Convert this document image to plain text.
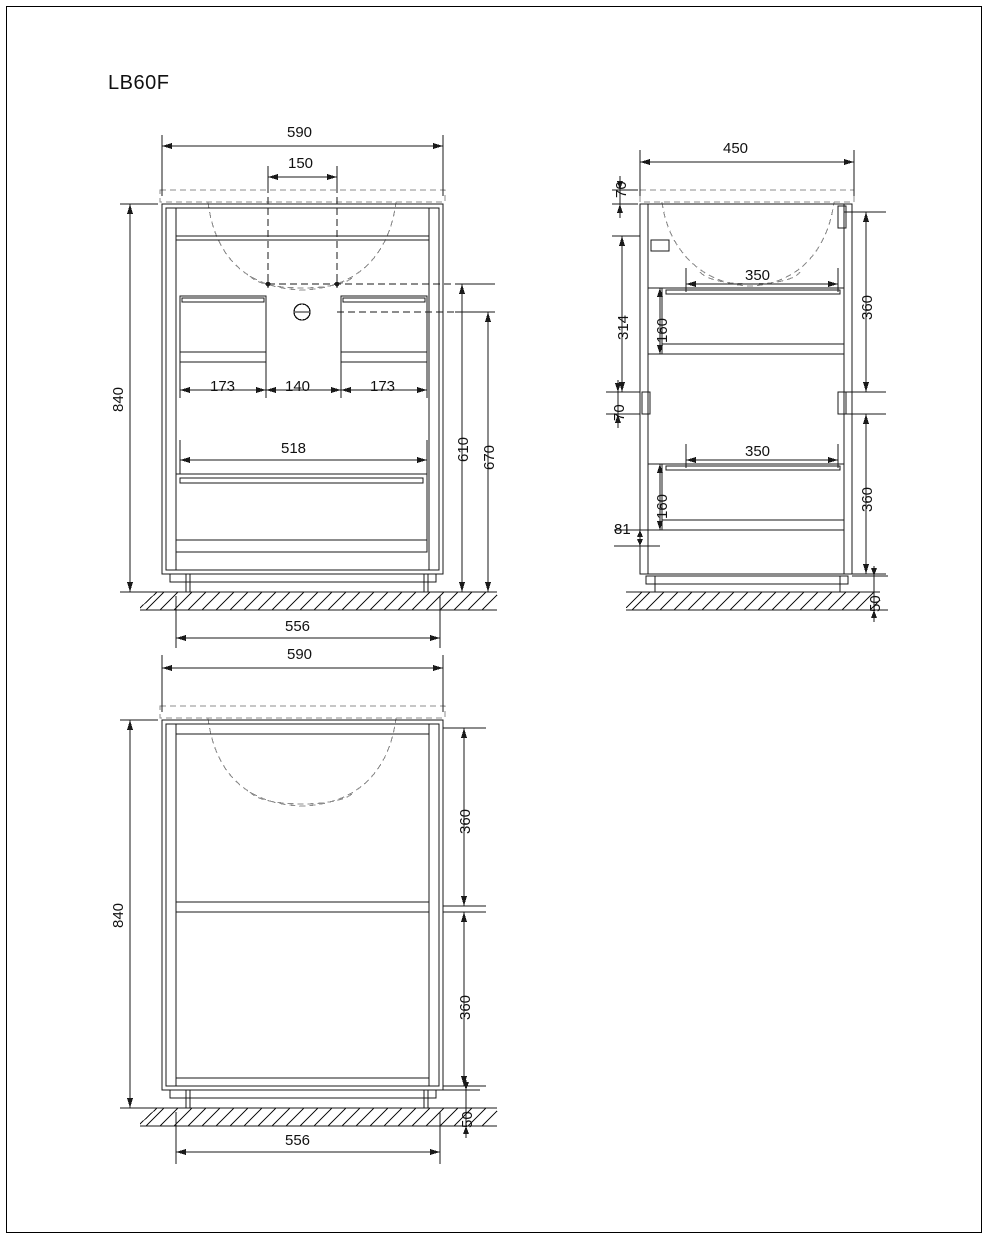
LB60F
590
150
840
173	140	173
518	610 670
556
450
70
314
70
350
350
160
160
360
360
81
50
590
840
360
360
556
50
